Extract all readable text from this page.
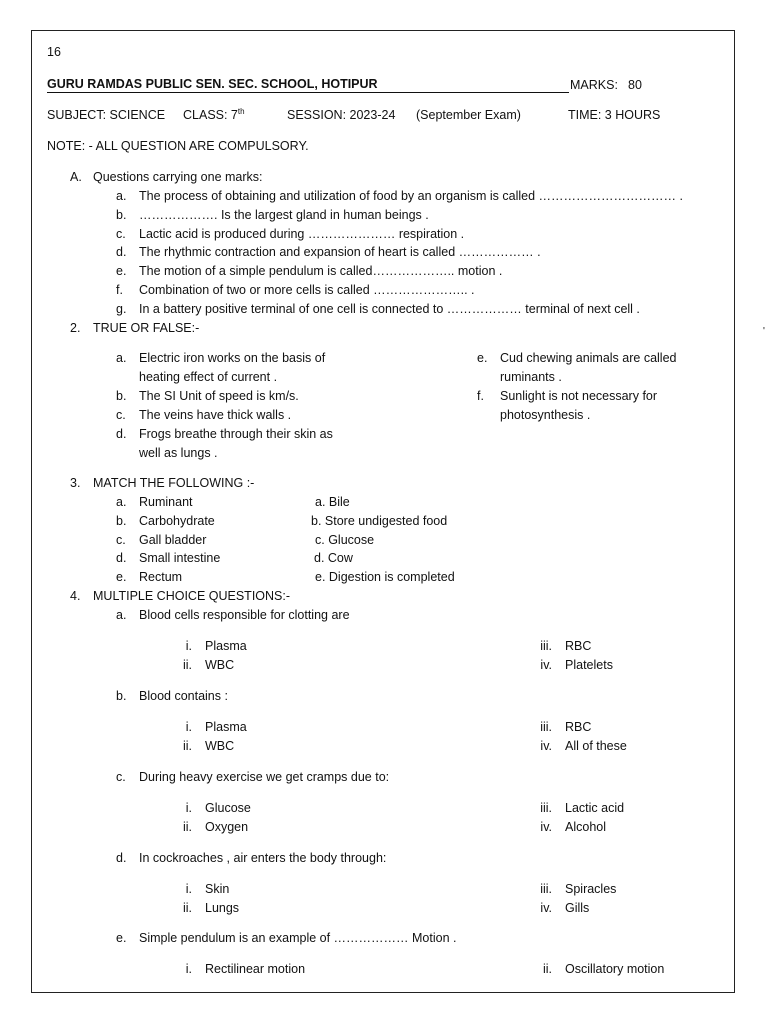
16
GURU RAMDAS PUBLIC SEN. SEC. SCHOOL, HOTIPUR	MARKS: 80
SUBJECT: SCIENCE CLASS: 7th	SESSION: 2023-24 (September Exam)	TIME: 3 HOURS
NOTE: - ALL QUESTION ARE COMPULSORY.
A. Questions carrying one marks:
a. The process of obtaining and utilization of food by an organism is called …………………………… .
b. ………………. Is the largest gland in human beings .
c. Lactic acid is produced during ………………… respiration .
d. The rhythmic contraction and expansion of heart is called ……………… .
e. The motion of a simple pendulum is called……………….. motion .
f. Combination of two or more cells is called ………………….. .
g. In a battery positive terminal of one cell is connected to ……………… terminal of next cell .
2. TRUE OR FALSE:-
a. Electric iron works on the basis of
heating effect of current .
b. The SI Unit of speed is km/s.
c. The veins have thick walls .
d. Frogs breathe through their skin as
well as lungs .
e. Cud chewing animals are called
ruminants .
f. Sunlight is not necessary for
photosynthesis .
3. MATCH THE FOLLOWING :-
a. Ruminant	a. Bile
b. Carbohydrate	b. Store undigested food
c. Gall bladder	c. Glucose
d. Small intestine	d. Cow
e. Rectum	e. Digestion is completed
4. MULTIPLE CHOICE QUESTIONS:-
a. Blood cells responsible for clotting are
i. Plasma
ii. WBC
iii. RBC
iv. Platelets
b. Blood contains :
i. Plasma
ii. WBC
iii. RBC
iv. All of these
c. During heavy exercise we get cramps due to:
i. Glucose
ii. Oxygen
iii. Lactic acid
iv. Alcohol
d. In cockroaches , air enters the body through:
i. Skin
ii. Lungs
iii. Spiracles
iv. Gills
e. Simple pendulum is an example of ……………… Motion .
i. Rectilinear motion	ii. Oscillatory motion
'
